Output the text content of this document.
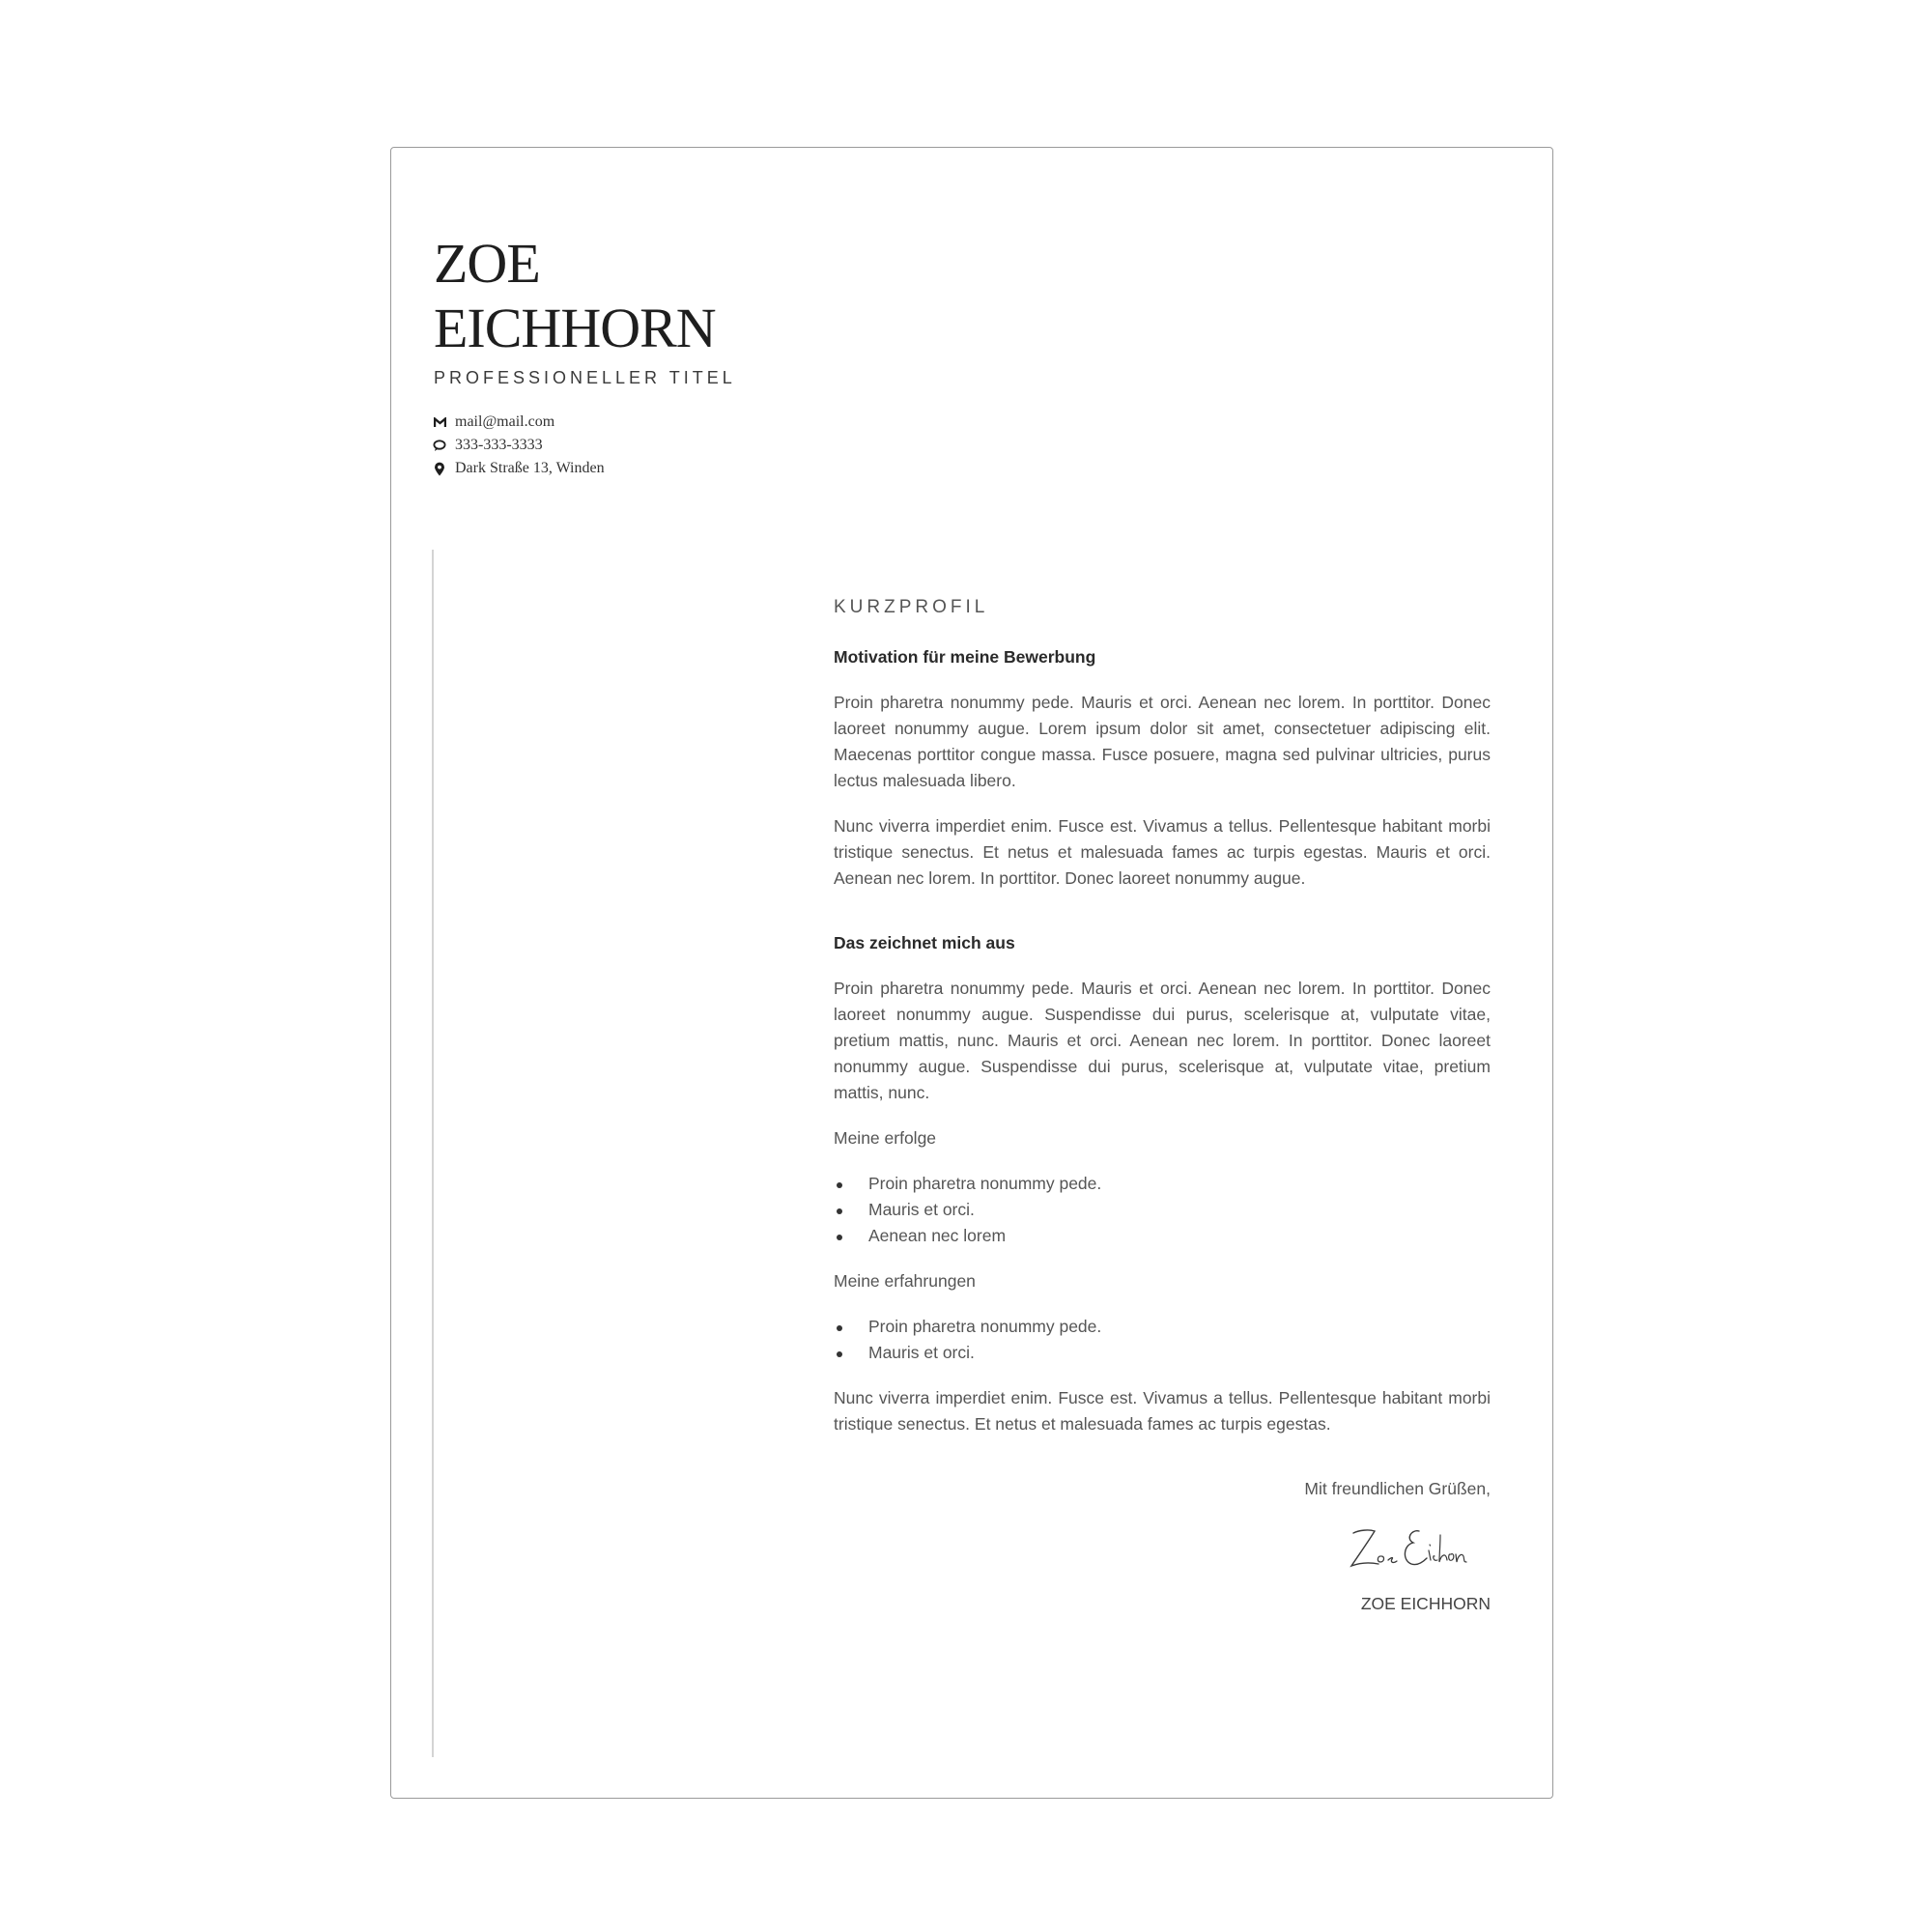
ZOE
EICHHORN
PROFESSIONELLER TITEL
mail@mail.com
333-333-3333
Dark Straße 13, Winden
KURZPROFIL
Motivation für meine Bewerbung

Proin pharetra nonummy pede. Mauris et orci. Aenean nec lorem. In porttitor. Donec laoreet nonummy augue. Lorem ipsum dolor sit amet, consectetuer adipiscing elit. Maecenas porttitor congue massa. Fusce posuere, magna sed pulvinar ultricies, purus lectus malesuada libero.

Nunc viverra imperdiet enim. Fusce est. Vivamus a tellus. Pellentesque habitant morbi tristique senectus. Et netus et malesuada fames ac turpis egestas. Mauris et orci. Aenean nec lorem. In porttitor. Donec laoreet nonummy augue.

Das zeichnet mich aus

Proin pharetra nonummy pede. Mauris et orci. Aenean nec lorem. In porttitor. Donec laoreet nonummy augue. Suspendisse dui purus, scelerisque at, vulputate vitae, pretium mattis, nunc. Mauris et orci. Aenean nec lorem. In porttitor. Donec laoreet nonummy augue. Suspendisse dui purus, scelerisque at, vulputate vitae, pretium mattis, nunc.

Meine erfolge
Proin pharetra nonummy pede.
Mauris et orci.
Aenean nec lorem
Meine erfahrungen
Proin pharetra nonummy pede.
Mauris et orci.

Nunc viverra imperdiet enim. Fusce est. Vivamus a tellus. Pellentesque habitant morbi tristique senectus. Et netus et malesuada fames ac turpis egestas.

Mit freundlichen Grüßen,
ZOE EICHHORN
